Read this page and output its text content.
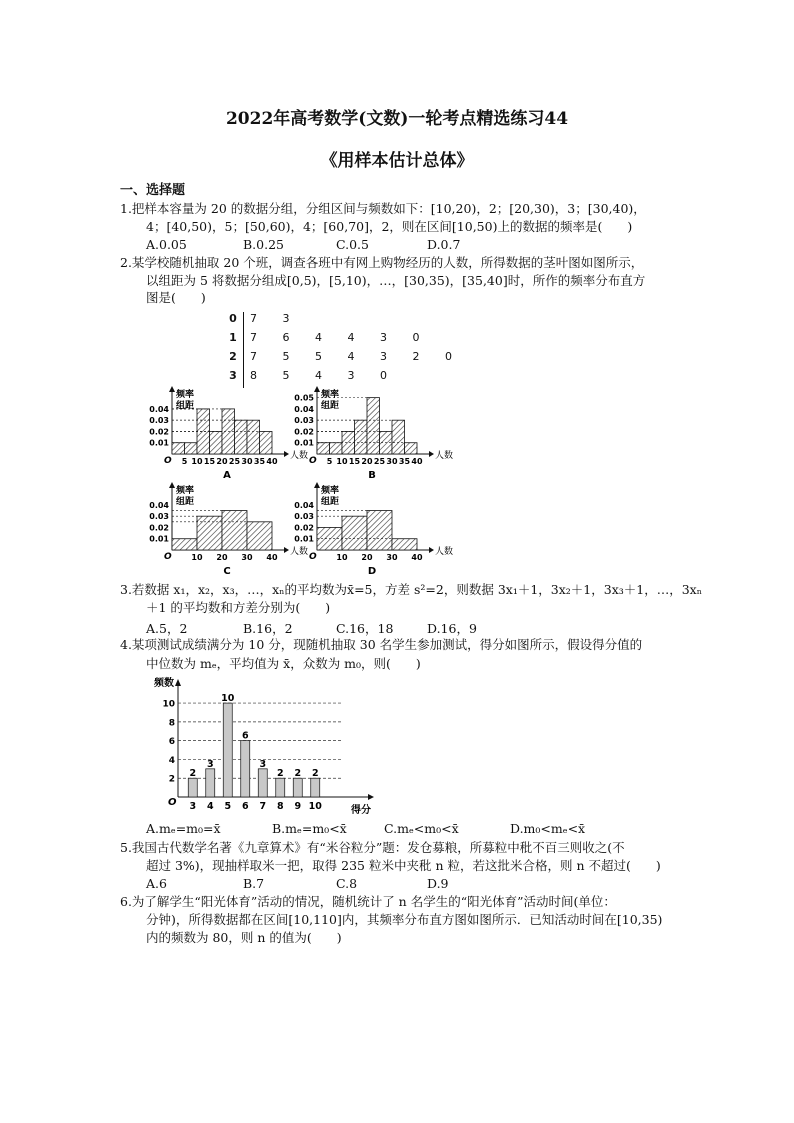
2022年高考数学(文数)一轮考点精选练习44
《用样本估计总体》
一、选择题
1.把样本容量为 20 的数据分组，分组区间与频数如下：[10,20)，2；[20,30)，3；[30,40)，
4；[40,50)，5；[50,60)，4；[60,70]，2，则在区间[10,50)上的数据的频率是(　　)
A.0.05	B.0.25	C.0.5	D.0.7
2.某学校随机抽取 20 个班，调查各班中有网上购物经历的人数，所得数据的茎叶图如图所示，
以组距为 5 将数据分组成[0,5)，[5,10)，…，[30,35)，[35,40]时，所作的频率分布直方
图是(　　)
0 7 3
1 7 6 4 4 3 0
2 7 5 5 4 3 2 0
3 8 5 4 3 0
频率
组距
人数
O
0.01
0.02
0.03
0.04
5 10 15 20 25 30 35 40
A
频率
组距
人数
O
0.01
0.02
0.03
0.04
0.05
5 10 15 20 25 30 35 40
B
频率
组距
人数
O
0.01
0.02
0.03
0.04
10 20 30 40
C
频率
组距
人数
O
0.01
0.02
0.03
0.04
10 20 30 40
D
3.若数据 x₁，x₂，x₃，…，xₙ的平均数为x̄=5，方差 s²=2，则数据 3x₁＋1，3x₂＋1，3x₃＋1，…，3xₙ
＋1 的平均数和方差分别为(　　)
A.5，2	B.16，2	C.16，18	D.16，9
4.某项测试成绩满分为 10 分，现随机抽取 30 名学生参加测试，得分如图所示，假设得分值的
中位数为 mₑ，平均值为 x̄，众数为 m₀，则(　　)
频数
得分
O
2
4
6
8
10
2
3
3
4
10
5
6
6
3
7
2
8
2
9
2
10
A.mₑ=m₀=x̄	B.mₑ=m₀<x̄	C.mₑ<m₀<x̄	D.m₀<mₑ<x̄
5.我国古代数学名著《九章算术》有“米谷粒分”题：发仓募粮，所募粒中秕不百三则收之(不
超过 3%)，现抽样取米一把，取得 235 粒米中夹秕 n 粒，若这批米合格，则 n 不超过(　　)
A.6	B.7	C.8	D.9
6.为了解学生“阳光体育”活动的情况，随机统计了 n 名学生的“阳光体育”活动时间(单位：
分钟)，所得数据都在区间[10,110]内，其频率分布直方图如图所示．已知活动时间在[10,35)
内的频数为 80，则 n 的值为(　　)
